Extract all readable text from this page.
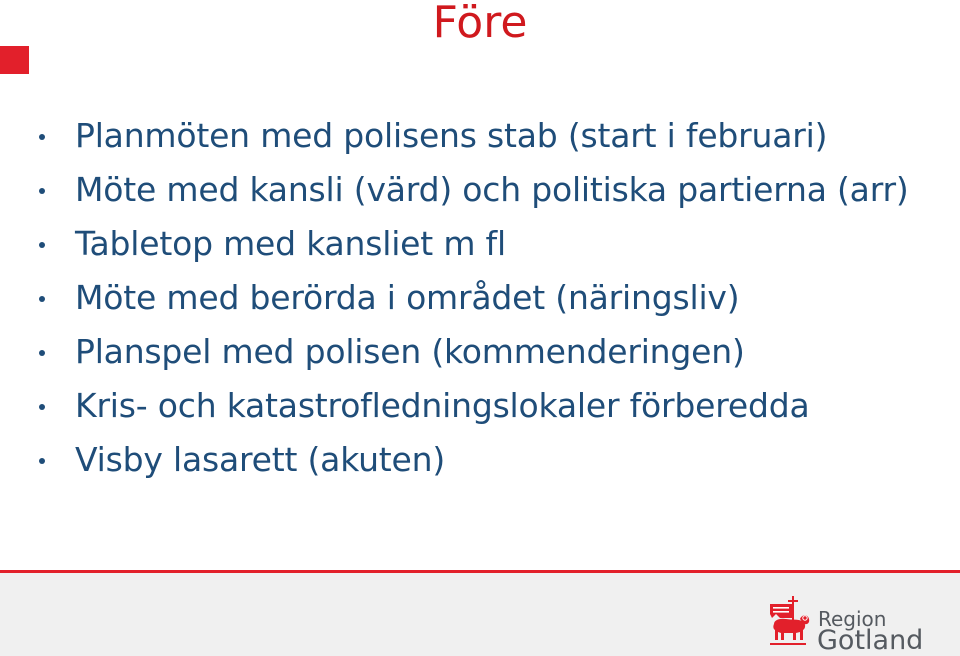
Före
Planmöten med polisens stab (start i februari)
Möte med kansli (värd) och politiska partierna (arr)
Tabletop med kansliet m fl
Möte med berörda i området (näringsliv)
Planspel med polisen (kommenderingen)
Kris- och katastrofledningslokaler förberedda
Visby lasarett (akuten)
Region
Gotland
